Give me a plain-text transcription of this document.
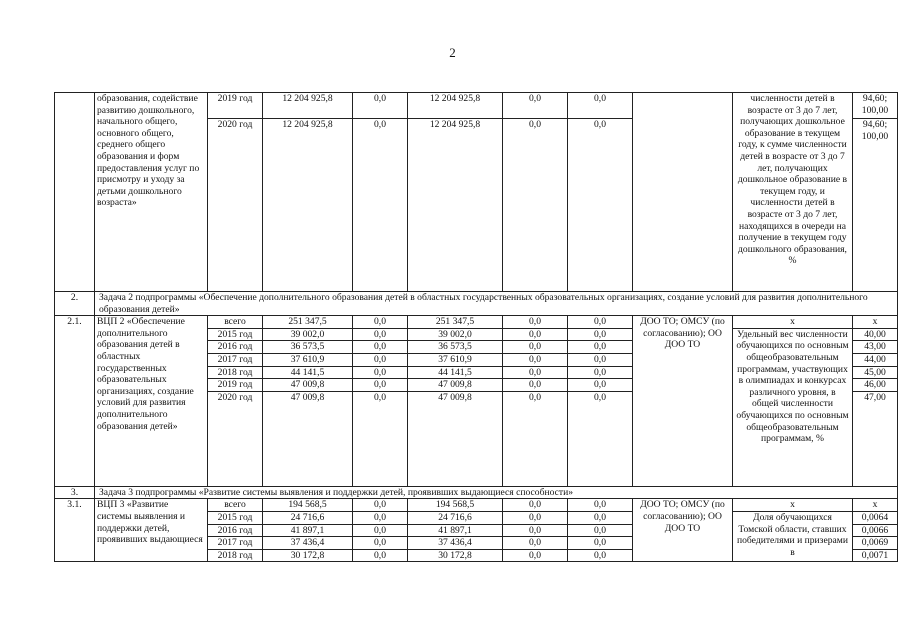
2
	образования, содействие развитию дошкольного, начального общего, основного общего, среднего общего образования и форм предоставления услуг по присмотру и уходу за детьми дошкольного возраста»	2019 год	12 204 925,8	0,0	12 204 925,8	0,0	0,0		численности детей в возрасте от 3 до 7 лет, получающих дошкольное образование в текущем году, к сумме численности детей в возрасте от 3 до 7 лет, получающих дошкольное образование в текущем году, и численности детей в возрасте от 3 до 7 лет, находящихся в очереди на получение в текущем году дошкольного образования, %	94,60; 100,00
		2020 год	12 204 925,8	0,0	12 204 925,8	0,0	0,0			94,60; 100,00
2.	Задача 2 подпрограммы «Обеспечение дополнительного образования детей в областных государственных образовательных организациях, создание условий для развития дополнительного образования детей»									
2.1.	ВЦП 2 «Обеспечение дополнительного образования детей в областных государственных образовательных организациях, создание условий для развития дополнительного образования детей»	всего	251 347,5	0,0	251 347,5	0,0	0,0	ДОО ТО; ОМСУ (по согласованию); ОО ДОО ТО	х	х
		2015 год	39 002,0	0,0	39 002,0	0,0	0,0		Удельный вес численности обучающихся по основным общеобразовательным программам, участвующих в олимпиадах и конкурсах различного уровня, в общей численности обучающихся по основным общеобразовательным программам, %	40,00
		2016 год	36 573,5	0,0	36 573,5	0,0	0,0			43,00
		2017 год	37 610,9	0,0	37 610,9	0,0	0,0			44,00
		2018 год	44 141,5	0,0	44 141,5	0,0	0,0			45,00
		2019 год	47 009,8	0,0	47 009,8	0,0	0,0			46,00
		2020 год	47 009,8	0,0	47 009,8	0,0	0,0			47,00
3.	Задача 3 подпрограммы «Развитие системы выявления и поддержки детей, проявивших выдающиеся способности»									
3.1.	ВЦП 3 «Развитие системы выявления и поддержки детей, проявивших выдающиеся	всего	194 568,5	0,0	194 568,5	0,0	0,0	ДОО ТО; ОМСУ (по согласованию); ОО ДОО ТО	х	х
		2015 год	24 716,6	0,0	24 716,6	0,0	0,0		Доля обучающихся Томской области, ставших победителями и призерами в	0,0064
		2016 год	41 897,1	0,0	41 897,1	0,0	0,0			0,0066
		2017 год	37 436,4	0,0	37 436,4	0,0	0,0			0,0069
		2018 год	30 172,8	0,0	30 172,8	0,0	0,0			0,0071
